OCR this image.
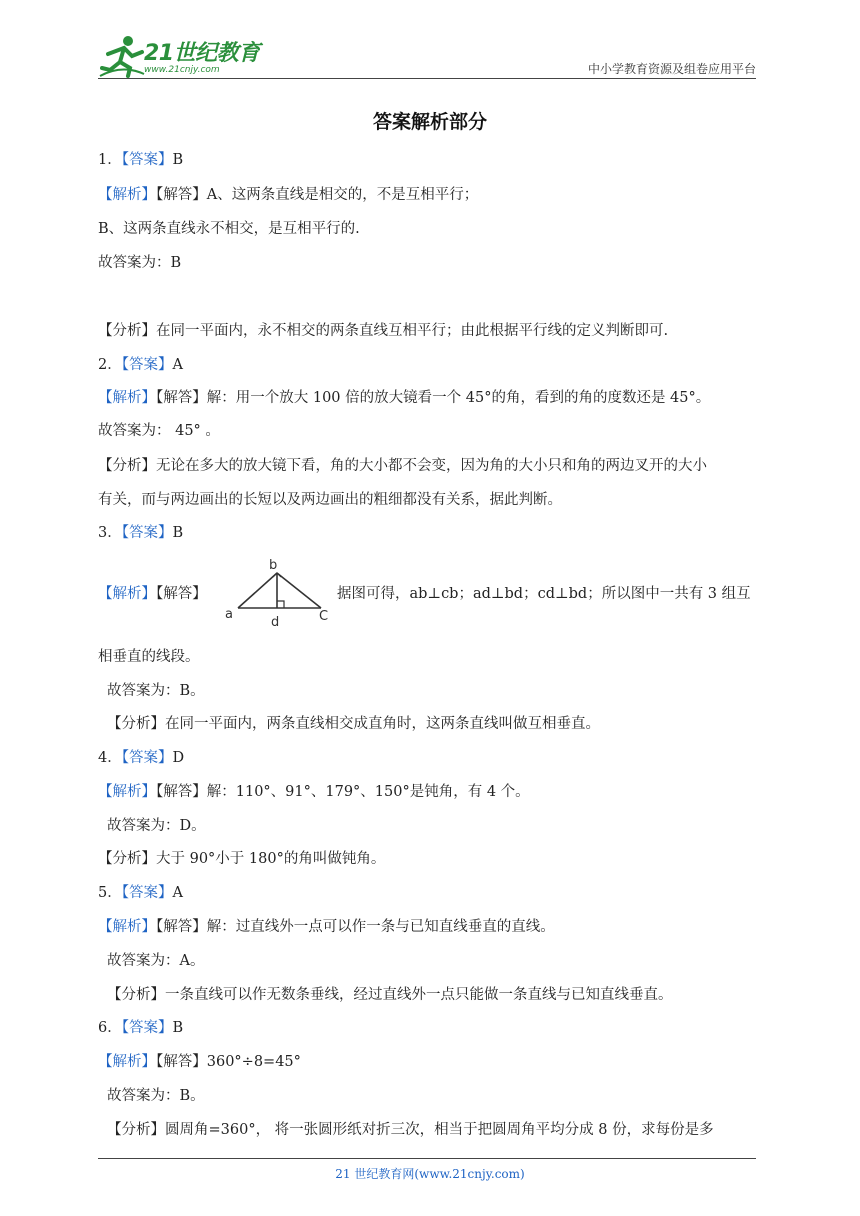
21世纪教育
www.21cnjy.com	中小学教育资源及组卷应用平台
答案解析部分
1．【答案】B
【解析】【解答】A、这两条直线是相交的，不是互相平行；
B、这两条直线永不相交，是互相平行的.
故答案为：B
【分析】在同一平面内，永不相交的两条直线互相平行；由此根据平行线的定义判断即可.
2．【答案】A
【解析】【解答】解：用一个放大 100 倍的放大镜看一个 45°的角，看到的角的度数还是 45°。
故答案为： 45° 。
【分析】无论在多大的放大镜下看，角的大小都不会变，因为角的大小只和角的两边叉开的大小
有关，而与两边画出的长短以及两边画出的粗细都没有关系，据此判断。
3．【答案】B
【解析】【解答】
b
a
d	C
据图可得，ab⊥cb；ad⊥bd；cd⊥bd；所以图中一共有 3 组互
相垂直的线段。
故答案为：B。
【分析】在同一平面内，两条直线相交成直角时，这两条直线叫做互相垂直。
4．【答案】D
【解析】【解答】解：110°、91°、179°、150°是钝角，有 4 个。
故答案为：D。
【分析】大于 90°小于 180°的角叫做钝角。
5．【答案】A
【解析】【解答】解：过直线外一点可以作一条与已知直线垂直的直线。
故答案为：A。
【分析】一条直线可以作无数条垂线，经过直线外一点只能做一条直线与已知直线垂直。
6．【答案】B
【解析】【解答】360°÷8=45°
故答案为：B。
【分析】圆周角=360°， 将一张圆形纸对折三次，相当于把圆周角平均分成 8 份，求每份是多
21 世纪教育网(www.21cnjy.com)
